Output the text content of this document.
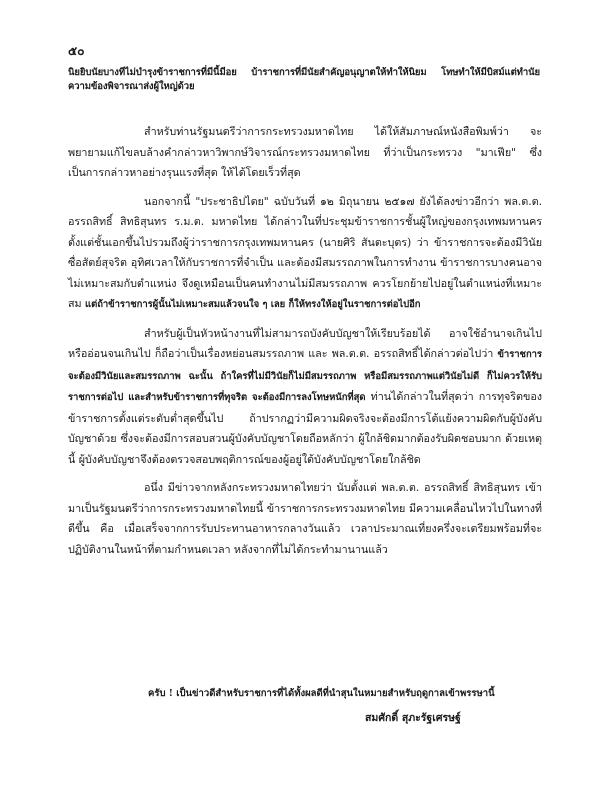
๕๐
นิยยิบนัยบางทีไม่บำรุงข้าราชการที่มีนี้มีอย บ้าราชการที่มีนัยสำคัญอนุญาตให้ทำให้นิยม โทษทำให้มีบิสม์แต่ทำนัยความข้องพิจารณาส่งผู้ใหญ่ด้วย

สำหรับท่านรัฐมนตรีว่าการกระทรวงมหาดไทย ได้ให้สัมภาษณ์หนังสือพิมพ์ว่า จะพยายามแก้ไขลบล้างคำกล่าวหาวิพากษ์วิจารณ์กระทรวงมหาดไทย ที่ว่าเป็นกระทรวง "มาเฟีย" ซึ่งเป็นการกล่าวหาอย่างรุนแรงที่สุด ให้ได้โดยเร็วที่สุด

นอกจากนี้ "ประชาธิปไตย" ฉบับวันที่ ๑๒ มิถุนายน ๒๕๑๗ ยังได้ลงข่าวอีกว่า พล.ต.ต. อรรถสิทธิ์ สิทธิสุนทร ร.ม.ต. มหาดไทย ได้กล่าวในที่ประชุมข้าราชการชั้นผู้ใหญ่ของกรุงเทพมหานคร ตั้งแต่ชั้นเอกขึ้นไปรวมถึงผู้ว่าราชการกรุงเทพมหานคร (นายศิริ สันตะบุตร) ว่า ข้าราชการจะต้องมีวินัย ซื่อสัตย์สุจริต อุทิศเวลาให้กับราชการที่จำเป็น และต้องมีสมรรถภาพในการทำงาน ข้าราชการบางคนอาจไม่เหมาะสมกับตำแหน่ง จึงดูเหมือนเป็นคนทำงานไม่มีสมรรถภาพ ควรโยกย้ายไปอยู่ในตำแหน่งที่เหมาะสม แต่ถ้าข้าราชการผู้นั้นไม่เหมาะสมแล้วจนใจ ๆ เลย ก็ให้ทรงให้อยู่ในราชการต่อไปอีก

สำหรับผู้เป็นหัวหน้างานที่ไม่สามารถบังคับบัญชาให้เรียบร้อยได้ อาจใช้อำนาจเกินไป หรืออ่อนจนเกินไป ก็ถือว่าเป็นเรื่องหย่อนสมรรถภาพ และ พล.ต.ต. อรรถสิทธิ์ได้กล่าวต่อไปว่า ข้าราชการจะต้องมีวินัยและสมรรถภาพ ฉะนั้น ถ้าใครที่ไม่มีวินัยก็ไม่มีสมรรถภาพ หรือมีสมรรถภาพแต่วินัยไม่ดี ก็ไม่ควรให้รับราชการต่อไป และสำหรับข้าราชการที่ทุจริต จะต้องมีการลงโทษหนักที่สุด ท่านได้กล่าวในที่สุดว่า การทุจริตของข้าราชการตั้งแต่ระดับต่ำสุดขึ้นไป ถ้าปรากฏว่ามีความผิดจริงจะต้องมีการโต้แย้งความผิดกับผู้บังคับบัญชาด้วย ซึ่งจะต้องมีการสอบสวนผู้บังคับบัญชาโดยถือหลักว่า ผู้ใกล้ชิดมากต้องรับผิดชอบมาก ด้วยเหตุนี้ ผู้บังคับบัญชาจึงต้องตรวจสอบพฤติการณ์ของผู้อยู่ใต้บังคับบัญชาโดยใกล้ชิด

อนึ่ง มีข่าวจากหลังกระทรวงมหาดไทยว่า นับตั้งแต่ พล.ต.ต. อรรถสิทธิ์ สิทธิสุนทร เข้ามาเป็นรัฐมนตรีว่าการกระทรวงมหาดไทยนี้ ข้าราชการกระทรวงมหาดไทย มีความเคลื่อนไหวไปในทางที่ดีขึ้น คือ เมื่อเสร็จจากการรับประทานอาหารกลางวันแล้ว เวลาประมาณเที่ยงครึ่งจะเตรียมพร้อมที่จะปฏิบัติงานในหน้าที่ตามกำหนดเวลา หลังจากที่ไม่ได้กระทำมานานแล้ว

ครับ ! เป็นข่าวดีสำหรับราชการที่ได้ทั้งผลดีที่นำสุนในหมายสำหรับฤดูกาลเข้าพรรษานี้
สมศักดิ์ สุภะรัฐเศรษฐ์
